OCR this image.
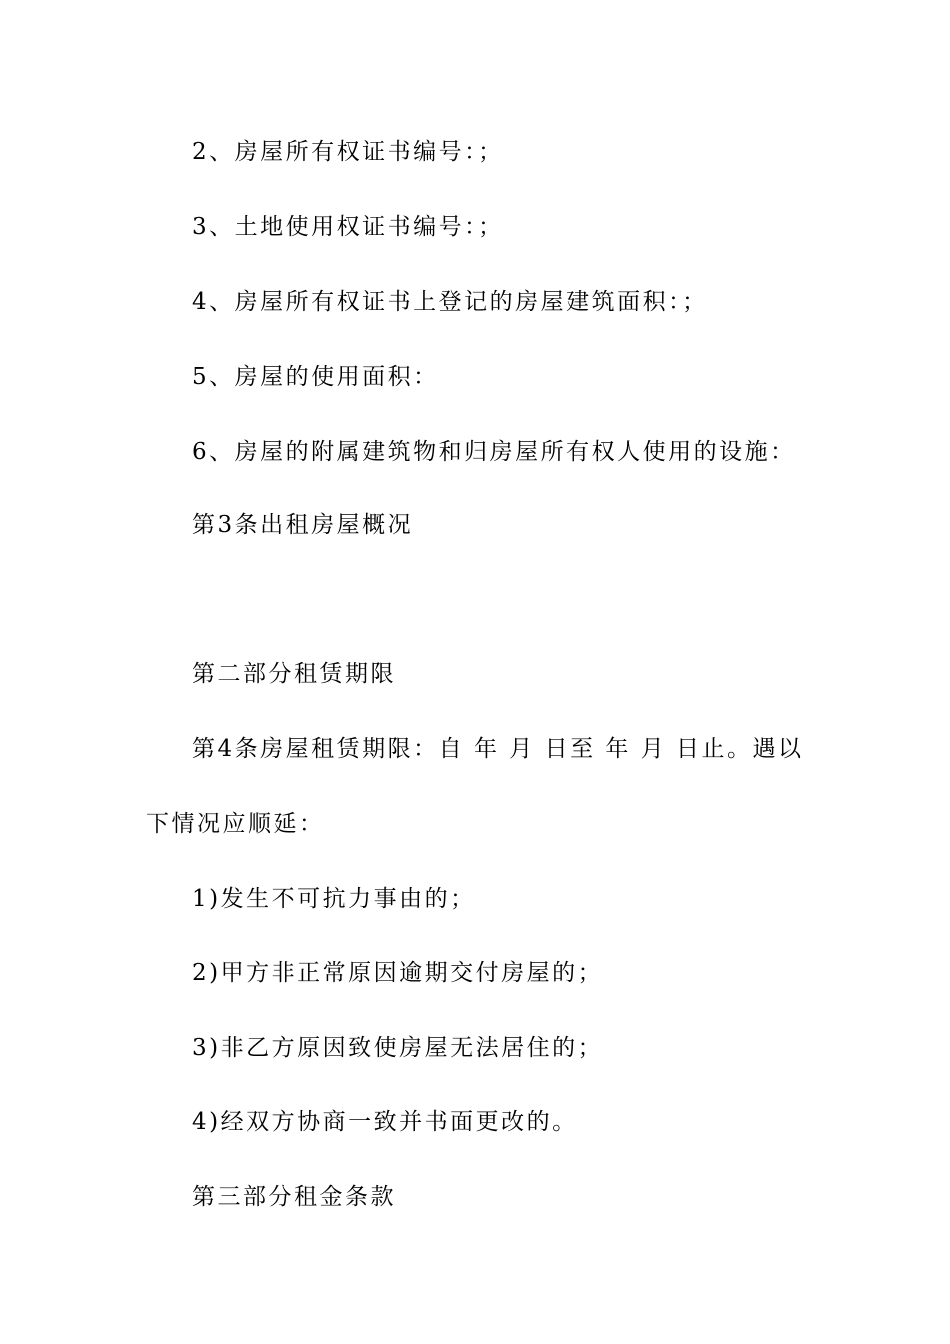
2、房屋所有权证书编号：；
3、土地使用权证书编号：；
4、房屋所有权证书上登记的房屋建筑面积：；
5、房屋的使用面积：
6、房屋的附属建筑物和归房屋所有权人使用的设施：
第3条出租房屋概况
第二部分租赁期限
第4条房屋租赁期限：自 年 月 日至 年 月 日止。遇以
下情况应顺延：
1)发生不可抗力事由的；
2)甲方非正常原因逾期交付房屋的；
3)非乙方原因致使房屋无法居住的；
4)经双方协商一致并书面更改的。
第三部分租金条款
